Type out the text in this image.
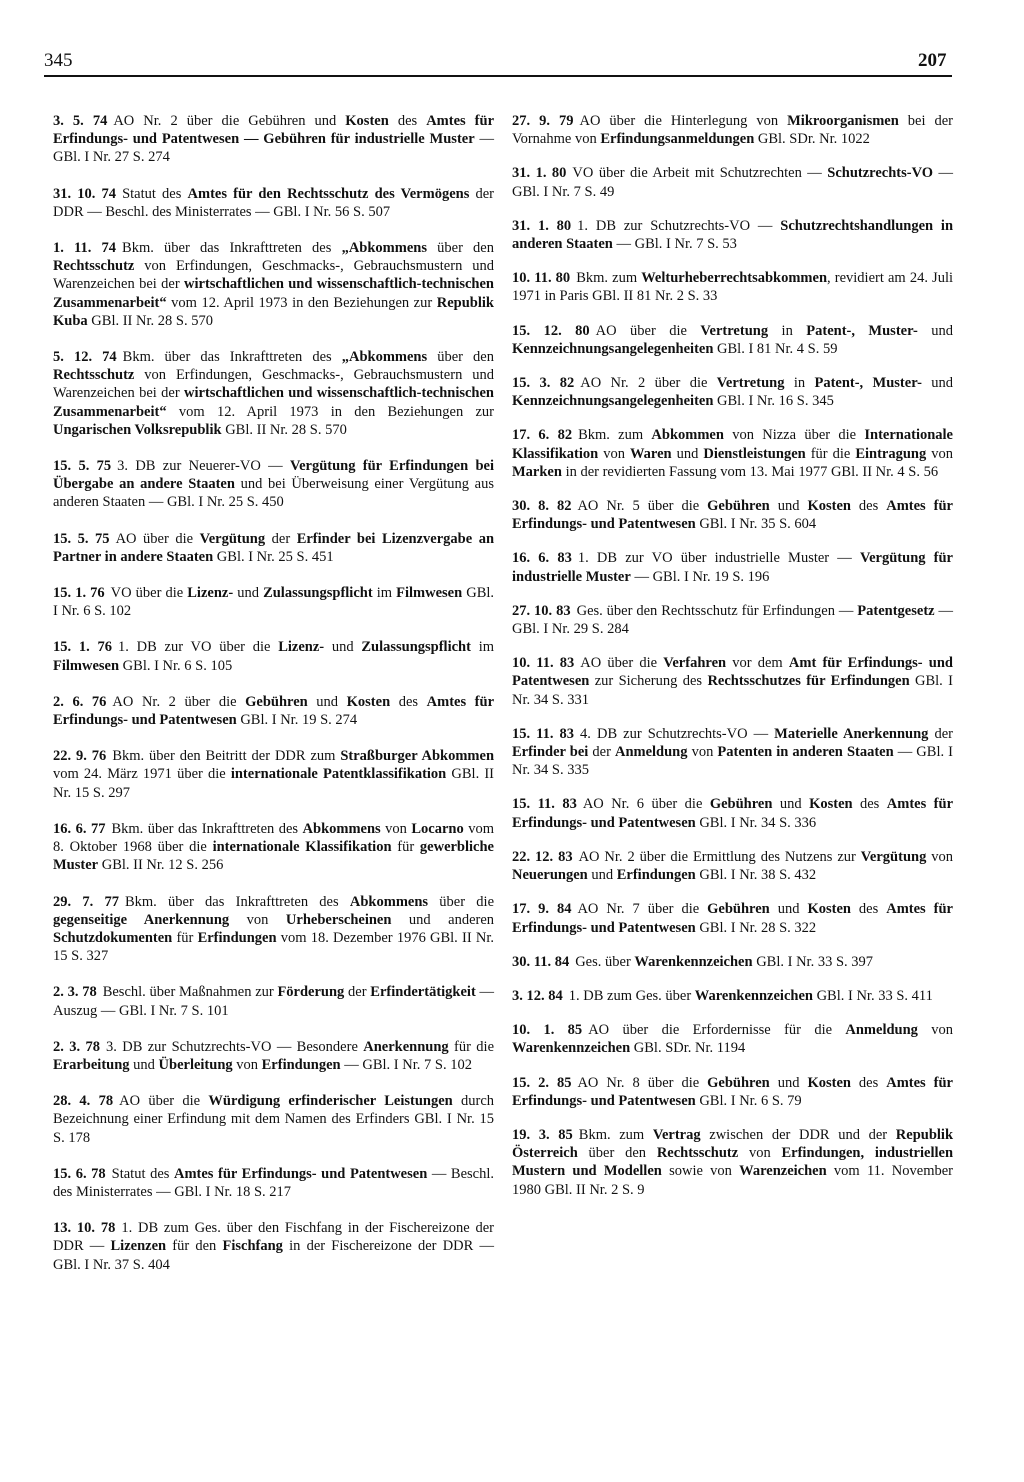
345	207

3. 5. 74 AO Nr. 2 über die Gebühren und Kosten des Amtes für Erfindungs- und Patentwesen — Gebühren für industrielle Muster — GBl. I Nr. 27 S. 274

31. 10. 74 Statut des Amtes für den Rechtsschutz des Vermögens der DDR — Beschl. des Ministerrates — GBl. I Nr. 56 S. 507

1. 11. 74 Bkm. über das Inkrafttreten des „Abkommens über den Rechtsschutz von Erfindungen, Geschmacks-, Gebrauchsmustern und Warenzeichen bei der wirtschaftlichen und wissenschaftlich-technischen Zusammenarbeit“ vom 12. April 1973 in den Beziehungen zur Republik Kuba GBl. II Nr. 28 S. 570

5. 12. 74 Bkm. über das Inkrafttreten des „Abkommens über den Rechtsschutz von Erfindungen, Geschmacks-, Gebrauchsmustern und Warenzeichen bei der wirtschaftlichen und wissenschaftlich-technischen Zusammenarbeit“ vom 12. April 1973 in den Beziehungen zur Ungarischen Volksrepublik GBl. II Nr. 28 S. 570

15. 5. 75 3. DB zur Neuerer-VO — Vergütung für Erfindungen bei Übergabe an andere Staaten und bei Überweisung einer Vergütung aus anderen Staaten — GBl. I Nr. 25 S. 450

15. 5. 75 AO über die Vergütung der Erfinder bei Lizenzvergabe an Partner in andere Staaten GBl. I Nr. 25 S. 451

15. 1. 76 VO über die Lizenz- und Zulassungspflicht im Filmwesen GBl. I Nr. 6 S. 102

15. 1. 76 1. DB zur VO über die Lizenz- und Zulassungspflicht im Filmwesen GBl. I Nr. 6 S. 105

2. 6. 76 AO Nr. 2 über die Gebühren und Kosten des Amtes für Erfindungs- und Patentwesen GBl. I Nr. 19 S. 274

22. 9. 76 Bkm. über den Beitritt der DDR zum Straßburger Abkommen vom 24. März 1971 über die internationale Patentklassifikation GBl. II Nr. 15 S. 297

16. 6. 77 Bkm. über das Inkrafttreten des Abkommens von Locarno vom 8. Oktober 1968 über die internationale Klassifikation für gewerbliche Muster GBl. II Nr. 12 S. 256

29. 7. 77 Bkm. über das Inkrafttreten des Abkommens über die gegenseitige Anerkennung von Urheberscheinen und anderen Schutzdokumenten für Erfindungen vom 18. Dezember 1976 GBl. II Nr. 15 S. 327

2. 3. 78 Beschl. über Maßnahmen zur Förderung der Erfindertätigkeit — Auszug — GBl. I Nr. 7 S. 101

2. 3. 78 3. DB zur Schutzrechts-VO — Besondere Anerkennung für die Erarbeitung und Überleitung von Erfindungen — GBl. I Nr. 7 S. 102

28. 4. 78 AO über die Würdigung erfinderischer Leistungen durch Bezeichnung einer Erfindung mit dem Namen des Erfinders GBl. I Nr. 15 S. 178

15. 6. 78 Statut des Amtes für Erfindungs- und Patentwesen — Beschl. des Ministerrates — GBl. I Nr. 18 S. 217

13. 10. 78 1. DB zum Ges. über den Fischfang in der Fischereizone der DDR — Lizenzen für den Fischfang in der Fischereizone der DDR — GBl. I Nr. 37 S. 404

27. 9. 79 AO über die Hinterlegung von Mikroorganismen bei der Vornahme von Erfindungsanmeldungen GBl. SDr. Nr. 1022

31. 1. 80 VO über die Arbeit mit Schutzrechten — Schutzrechts-VO — GBl. I Nr. 7 S. 49

31. 1. 80 1. DB zur Schutzrechts-VO — Schutzrechtshandlungen in anderen Staaten — GBl. I Nr. 7 S. 53

10. 11. 80 Bkm. zum Welturheberrechtsabkommen, revidiert am 24. Juli 1971 in Paris GBl. II 81 Nr. 2 S. 33

15. 12. 80 AO über die Vertretung in Patent-, Muster- und Kennzeichnungsangelegenheiten GBl. I 81 Nr. 4 S. 59

15. 3. 82 AO Nr. 2 über die Vertretung in Patent-, Muster- und Kennzeichnungsangelegenheiten GBl. I Nr. 16 S. 345

17. 6. 82 Bkm. zum Abkommen von Nizza über die Internationale Klassifikation von Waren und Dienstleistungen für die Eintragung von Marken in der revidierten Fassung vom 13. Mai 1977 GBl. II Nr. 4 S. 56

30. 8. 82 AO Nr. 5 über die Gebühren und Kosten des Amtes für Erfindungs- und Patentwesen GBl. I Nr. 35 S. 604

16. 6. 83 1. DB zur VO über industrielle Muster — Vergütung für industrielle Muster — GBl. I Nr. 19 S. 196

27. 10. 83 Ges. über den Rechtsschutz für Erfindungen — Patentgesetz — GBl. I Nr. 29 S. 284

10. 11. 83 AO über die Verfahren vor dem Amt für Erfindungs- und Patentwesen zur Sicherung des Rechtsschutzes für Erfindungen GBl. I Nr. 34 S. 331

15. 11. 83 4. DB zur Schutzrechts-VO — Materielle Anerkennung der Erfinder bei der Anmeldung von Patenten in anderen Staaten — GBl. I Nr. 34 S. 335

15. 11. 83 AO Nr. 6 über die Gebühren und Kosten des Amtes für Erfindungs- und Patentwesen GBl. I Nr. 34 S. 336

22. 12. 83 AO Nr. 2 über die Ermittlung des Nutzens zur Vergütung von Neuerungen und Erfindungen GBl. I Nr. 38 S. 432

17. 9. 84 AO Nr. 7 über die Gebühren und Kosten des Amtes für Erfindungs- und Patentwesen GBl. I Nr. 28 S. 322

30. 11. 84 Ges. über Warenkennzeichen GBl. I Nr. 33 S. 397

3. 12. 84 1. DB zum Ges. über Warenkennzeichen GBl. I Nr. 33 S. 411

10. 1. 85 AO über die Erfordernisse für die Anmeldung von Warenkennzeichen GBl. SDr. Nr. 1194

15. 2. 85 AO Nr. 8 über die Gebühren und Kosten des Amtes für Erfindungs- und Patentwesen GBl. I Nr. 6 S. 79

19. 3. 85 Bkm. zum Vertrag zwischen der DDR und der Republik Österreich über den Rechtsschutz von Erfindungen, industriellen Mustern und Modellen sowie von Warenzeichen vom 11. November 1980 GBl. II Nr. 2 S. 9
